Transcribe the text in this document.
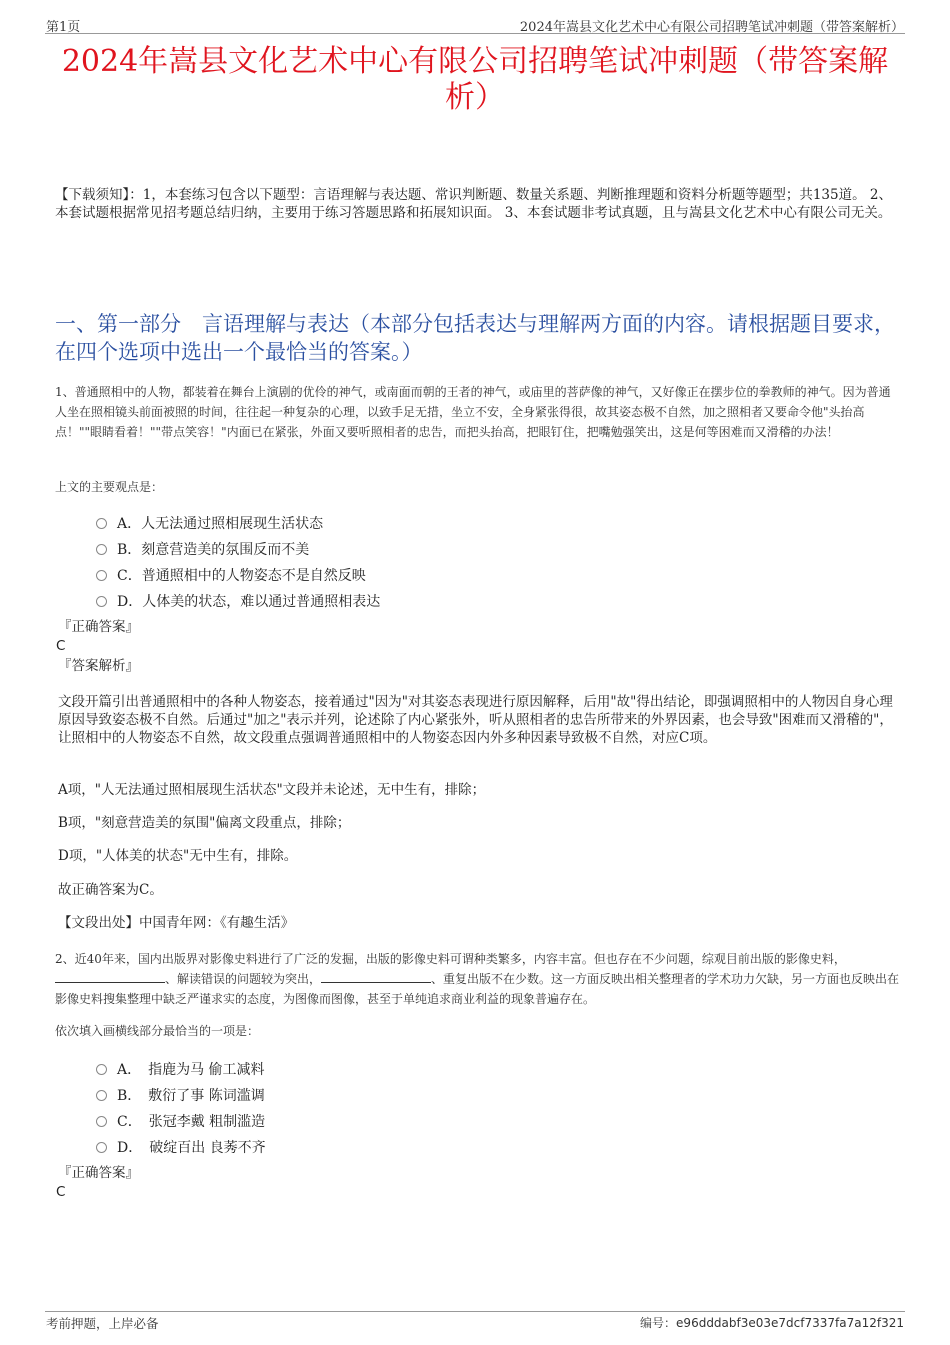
第1页	2024年嵩县文化艺术中心有限公司招聘笔试冲刺题（带答案解析）
2024年嵩县文化艺术中心有限公司招聘笔试冲刺题（带答案解析）
【下载须知】：1，本套练习包含以下题型：言语理解与表达题、常识判断题、数量关系题、判断推理题和资料分析题等题型；共135道。 2、本套试题根据常见招考题总结归纳，主要用于练习答题思路和拓展知识面。 3、本套试题非考试真题，且与嵩县文化艺术中心有限公司无关。
一、第一部分　言语理解与表达（本部分包括表达与理解两方面的内容。请根据题目要求，在四个选项中选出一个最恰当的答案。）
1、普通照相中的人物，都装着在舞台上演剧的优伶的神气，或南面而朝的王者的神气，或庙里的菩萨像的神气，又好像正在摆步位的拳教师的神气。因为普通人坐在照相镜头前面被照的时间，往往起一种复杂的心理，以致手足无措，坐立不安，全身紧张得很，故其姿态极不自然，加之照相者又要命令他"头抬高点！""眼睛看着！""带点笑容！"内面已在紧张，外面又要听照相者的忠告，而把头抬高，把眼钉住，把嘴勉强笑出，这是何等困难而又滑稽的办法！
上文的主要观点是：
A．人无法通过照相展现生活状态
B．刻意营造美的氛围反而不美
C．普通照相中的人物姿态不是自然反映
D．人体美的状态，难以通过普通照相表达
『正确答案』
C
『答案解析』
文段开篇引出普通照相中的各种人物姿态，接着通过"因为"对其姿态表现进行原因解释，后用"故"得出结论，即强调照相中的人物因自身心理原因导致姿态极不自然。后通过"加之"表示并列，论述除了内心紧张外，听从照相者的忠告所带来的外界因素，也会导致"困难而又滑稽的"，让照相中的人物姿态不自然，故文段重点强调普通照相中的人物姿态因内外多种因素导致极不自然，对应C项。
A项，"人无法通过照相展现生活状态"文段并未论述，无中生有，排除；
B项，"刻意营造美的氛围"偏离文段重点，排除；
D项，"人体美的状态"无中生有，排除。
故正确答案为C。
【文段出处】中国青年网：《有趣生活》
2、近40年来，国内出版界对影像史料进行了广泛的发掘，出版的影像史料可谓种类繁多，内容丰富。但也存在不少问题，综观目前出版的影像史料，、解读错误的问题较为突出，	、重复出版不在少数。这一方面反映出相关整理者的学术功力欠缺，另一方面也反映出在影像史料搜集整理中缺乏严谨求实的态度，为图像而图像，甚至于单纯追求商业利益的现象普遍存在。
依次填入画横线部分最恰当的一项是：
A．　指鹿为马 偷工减料
B．　敷衍了事 陈词滥调
C．　张冠李戴 粗制滥造
D．　破绽百出 良莠不齐
『正确答案』
C
考前押题，上岸必备	编号：e96dddabf3e03e7dcf7337fa7a12f321
